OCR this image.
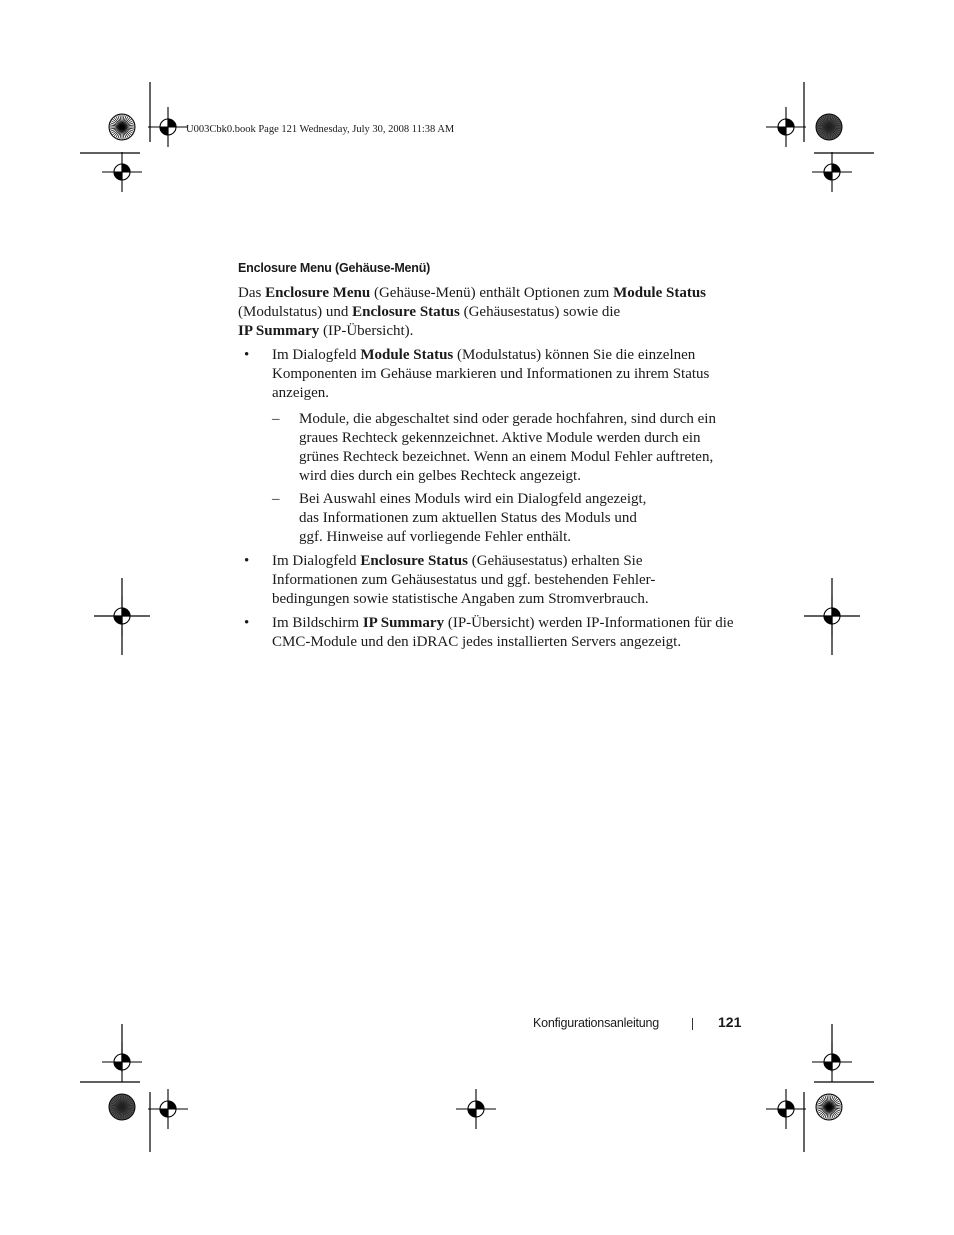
U003Cbk0.book Page 121 Wednesday, July 30, 2008 11:38 AM
Enclosure Menu (Gehäuse-Menü)
Das Enclosure Menu (Gehäuse-Menü) enthält Optionen zum Module Status (Modulstatus) und Enclosure Status (Gehäusestatus) sowie die
IP Summary (IP-Übersicht).
• Im Dialogfeld Module Status (Modulstatus) können Sie die einzelnen Komponenten im Gehäuse markieren und Informationen zu ihrem Status anzeigen.
– Module, die abgeschaltet sind oder gerade hochfahren, sind durch ein
graues Rechteck gekennzeichnet. Aktive Module werden durch ein
grünes Rechteck bezeichnet. Wenn an einem Modul Fehler auftreten,
wird dies durch ein gelbes Rechteck angezeigt.
– Bei Auswahl eines Moduls wird ein Dialogfeld angezeigt,
das Informationen zum aktuellen Status des Moduls und
ggf. Hinweise auf vorliegende Fehler enthält.
• Im Dialogfeld Enclosure Status (Gehäusestatus) erhalten Sie Informationen zum Gehäusestatus und ggf. bestehenden Fehler-bedingungen sowie statistische Angaben zum Stromverbrauch.
• Im Bildschirm IP Summary (IP-Übersicht) werden IP-Informationen für die CMC-Module und den iDRAC jedes installierten Servers angezeigt.
Konfigurationsanleitung	121
